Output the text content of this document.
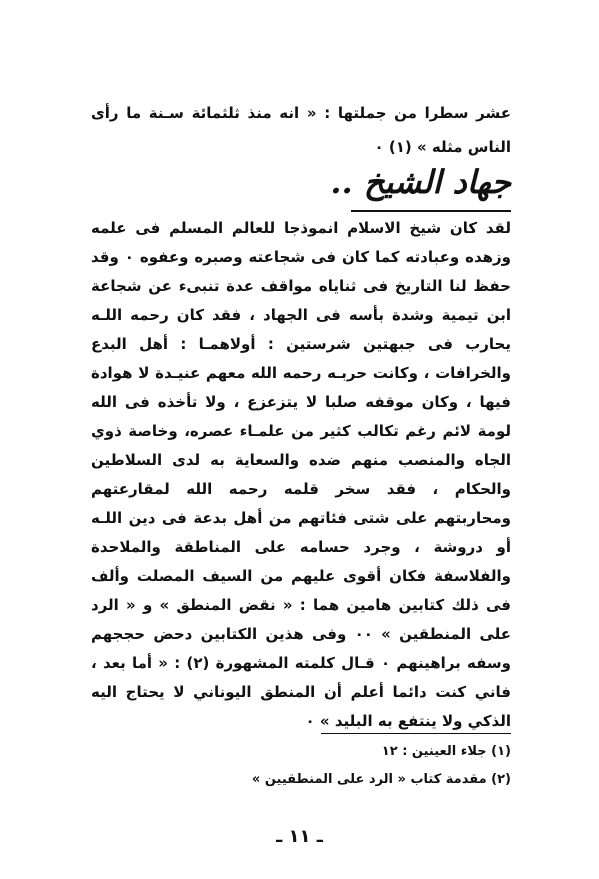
عشر سطرا من جملتها : « انه منذ ثلثمائة سـنة ما رأى الناس مثله » (١) ٠

جهاد الشيخ ..

لقد كان شيخ الاسلام انموذجا للعالم المسلم فى علمه وزهده وعبادته كما كان فى شجاعته وصبره وعفوه ٠ وقد حفظ لنا التاريخ فى ثناياه مواقف عدة تنبىء عن شجاعة ابن تيمية وشدة بأسه فى الجهاد ، فقد كان رحمه اللـه يحارب فى جبهتين شرستين : أولاهمـا : أهل البدع والخرافات ، وكانت حربـه رحمه الله معهم عنيـدة لا هوادة فيها ، وكان موقفه صلبا لا يتزعزع ، ولا تأخذه فى الله لومة لائم رغم تكالب كثير من علمـاء عصره، وخاصة ذوي الجاه والمنصب منهم ضده والسعاية به لدى السلاطين والحكام ، فقد سخر قلمه رحمه الله لمقارعتهم ومحاربتهم على شتى فئاتهم من أهل بدعة فى دين اللـه أو دروشة ، وجرد حسامه على المناطقة والملاحدة والفلاسفة فكان أقوى عليهم من السيف المصلت وألف فى ذلك كتابين هامين هما : « نقض المنطق » و « الرد على المنطقين » ٠٠ وفى هذين الكتابين دحض حججهم وسفه براهينهم ٠ قـال كلمته المشهورة (٢) : « أما بعد ، فاني كنت دائما أعلم أن المنطق اليوناني لا يحتاج اليه الذكي ولا ينتفع به البليد » ٠

(١) جلاء العينين : ١٢
(٢) مقدمة كتاب « الرد على المنطقيين »
ـ ١١ ـ
